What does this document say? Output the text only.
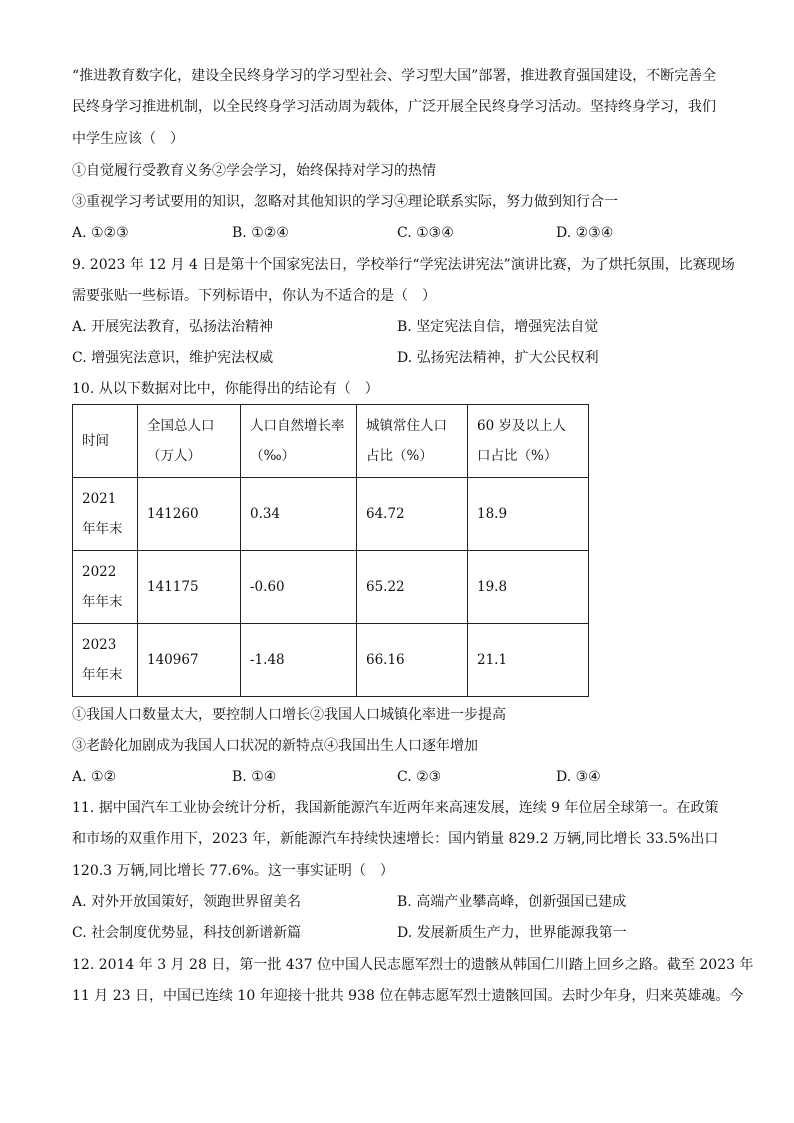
“推进教育数字化，建设全民终身学习的学习型社会、学习型大国”部署，推进教育强国建设，不断完善全
民终身学习推进机制，以全民终身学习活动周为载体，广泛开展全民终身学习活动。坚持终身学习，我们
中学生应该（　）
①自觉履行受教育义务②学会学习，始终保持对学习的热情
③重视学习考试要用的知识，忽略对其他知识的学习④理论联系实际，努力做到知行合一
A. ①②③	B. ①②④	C. ①③④	D. ②③④
9. 2023 年 12 月 4 日是第十个国家宪法日，学校举行“学宪法讲宪法”演讲比赛，为了烘托氛围，比赛现场
需要张贴一些标语。下列标语中，你认为不适合的是（　）
A. 开展宪法教育，弘扬法治精神	B. 坚定宪法自信，增强宪法自觉
C. 增强宪法意识，维护宪法权威	D. 弘扬宪法精神，扩大公民权利
10. 从以下数据对比中，你能得出的结论有（　）
时间	全国总人口（万人）	人口自然增长率（‰）	城镇常住人口占比（%）	60 岁及以上人口占比（%）
2021 年年末	141260	0.34	64.72	18.9
2022 年年末	141175	-0.60	65.22	19.8
2023 年年末	140967	-1.48	66.16	21.1
①我国人口数量太大，要控制人口增长②我国人口城镇化率进一步提高
③老龄化加剧成为我国人口状况的新特点④我国出生人口逐年增加
A. ①②	B. ①④	C. ②③	D. ③④
11. 据中国汽车工业协会统计分析，我国新能源汽车近两年来高速发展，连续 9 年位居全球第一。在政策
和市场的双重作用下，2023 年，新能源汽车持续快速增长：国内销量 829.2 万辆,同比增长 33.5%出口
120.3 万辆,同比增长 77.6%。这一事实证明（　）
A. 对外开放国策好，领跑世界留美名	B. 高端产业攀高峰，创新强国已建成
C. 社会制度优势显，科技创新谱新篇	D. 发展新质生产力，世界能源我第一
12. 2014 年 3 月 28 日，第一批 437 位中国人民志愿军烈士的遗骸从韩国仁川踏上回乡之路。截至 2023 年
11 月 23 日，中国已连续 10 年迎接十批共 938 位在韩志愿军烈士遗骸回国。去时少年身，归来英雄魂。今
